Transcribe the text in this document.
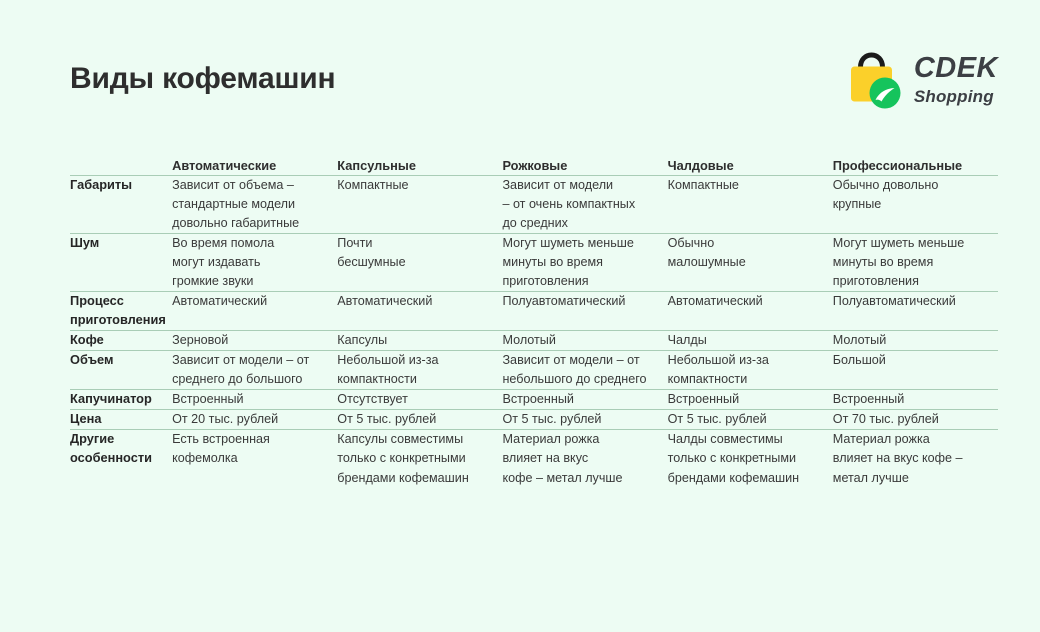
Виды кофемашин	CDEK
Shopping
	Автоматические	Капсульные	Рожковые	Чалдовые	Профессиональные
Габариты	Зависит от объема –
стандартные модели
довольно габаритные	Компактные	Зависит от модели
– от очень компактных
до средних	Компактные	Обычно довольно
крупные
Шум	Во время помола
могут издавать
громкие звуки	Почти
бесшумные	Могут шуметь меньше
минуты во время
приготовления	Обычно
малошумные	Могут шуметь меньше
минуты во время
приготовления
Процесс
приготовления	Автоматический	Автоматический	Полуавтоматический	Автоматический	Полуавтоматический
Кофе	Зерновой	Капсулы	Молотый	Чалды	Молотый
Объем	Зависит от модели – от
среднего до большого	Небольшой из-за
компактности	Зависит от модели – от
небольшого до среднего	Небольшой из-за
компактности	Большой
Капучинатор	Встроенный	Отсутствует	Встроенный	Встроенный	Встроенный
Цена	От 20 тыс. рублей	От 5 тыс. рублей	От 5 тыс. рублей	От 5 тыс. рублей	От 70 тыс. рублей
Другие
особенности	Есть встроенная
кофемолка	Капсулы совместимы
только с конкретными
брендами кофемашин	Материал рожка
влияет на вкус
кофе – метал лучше	Чалды совместимы
только с конкретными
брендами кофемашин	Материал рожка
влияет на вкус кофе –
метал лучше
